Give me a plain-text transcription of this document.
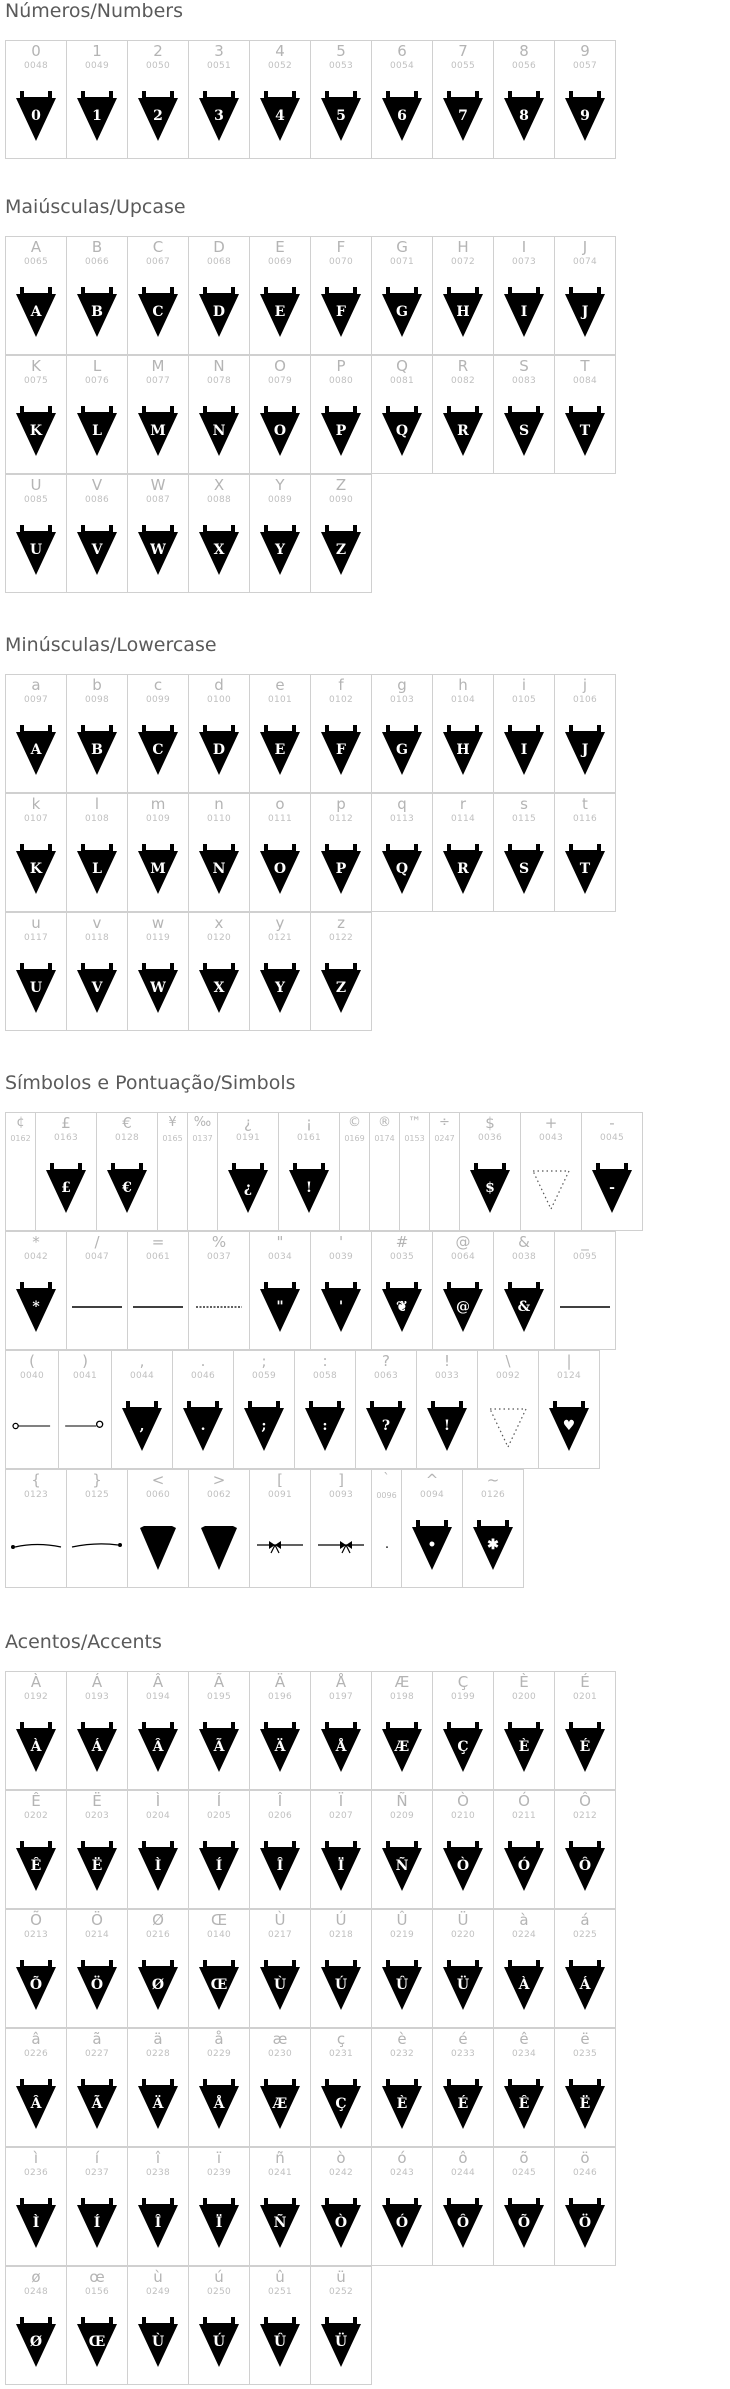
Números/Numbers
Maiúsculas/Upcase
Minúsculas/Lowercase
Símbolos e Pontuação/Simbols
Acentos/Accents
0
0048
0
1
0049
1
2
0050
2
3
0051
3
4
0052
4
5
0053
5
6
0054
6
7
0055
7
8
0056
8
9
0057
9
A
0065
A
B
0066
B
C
0067
C
D
0068
D
E
0069
E
F
0070
F
G
0071
G
H
0072
H
I
0073
I
J
0074
J
K
0075
K
L
0076
L
M
0077
M
N
0078
N
O
0079
O
P
0080
P
Q
0081
Q
R
0082
R
S
0083
S
T
0084
T
U
0085
U
V
0086
V
W
0087
W
X
0088
X
Y
0089
Y
Z
0090
Z
a
0097
A
b
0098
B
c
0099
C
d
0100
D
e
0101
E
f
0102
F
g
0103
G
h
0104
H
i
0105
I
j
0106
J
k
0107
K
l
0108
L
m
0109
M
n
0110
N
o
0111
O
p
0112
P
q
0113
Q
r
0114
R
s
0115
S
t
0116
T
u
0117
U
v
0118
V
w
0119
W
x
0120
X
y
0121
Y
z
0122
Z
¢
0162
£
0163
£
€
0128
€
¥
0165
‰
0137
¿
0191
¿
¡
0161
!
©
0169
®
0174
™
0153
÷
0247
$
0036
$
+
0043
-
0045
-
*
0042
*
/
0047
=
0061
%
0037
"
0034
"
'
0039
'
#
0035
❦
@
0064
@
&
0038
&
_
0095
(
0040
)
0041
,
0044
,
.
0046
.
;
0059
;
:
0058
:
?
0063
?
!
0033
!
\
0092
|
0124
♥
{
0123
}
0125
<
0060
>
0062
[
0091
]
0093
`
0096
^
0094
•
~
0126
✱
À
0192
À
Á
0193
Á
Â
0194
Â
Ã
0195
Ã
Ä
0196
Ä
Å
0197
Å
Æ
0198
Æ
Ç
0199
Ç
È
0200
È
É
0201
É
Ê
0202
Ê
Ë
0203
Ë
Ì
0204
Ì
Í
0205
Í
Î
0206
Î
Ï
0207
Ï
Ñ
0209
Ñ
Ò
0210
Ò
Ó
0211
Ó
Ô
0212
Ô
Õ
0213
Õ
Ö
0214
Ö
Ø
0216
Ø
Œ
0140
Œ
Ù
0217
Ù
Ú
0218
Ú
Û
0219
Û
Ü
0220
Ü
à
0224
À
á
0225
Á
â
0226
Â
ã
0227
Ã
ä
0228
Ä
å
0229
Å
æ
0230
Æ
ç
0231
Ç
è
0232
È
é
0233
É
ê
0234
Ê
ë
0235
Ë
ì
0236
Ì
í
0237
Í
î
0238
Î
ï
0239
Ï
ñ
0241
Ñ
ò
0242
Ò
ó
0243
Ó
ô
0244
Ô
õ
0245
Õ
ö
0246
Ö
ø
0248
Ø
œ
0156
Œ
ù
0249
Ù
ú
0250
Ú
û
0251
Û
ü
0252
Ü
